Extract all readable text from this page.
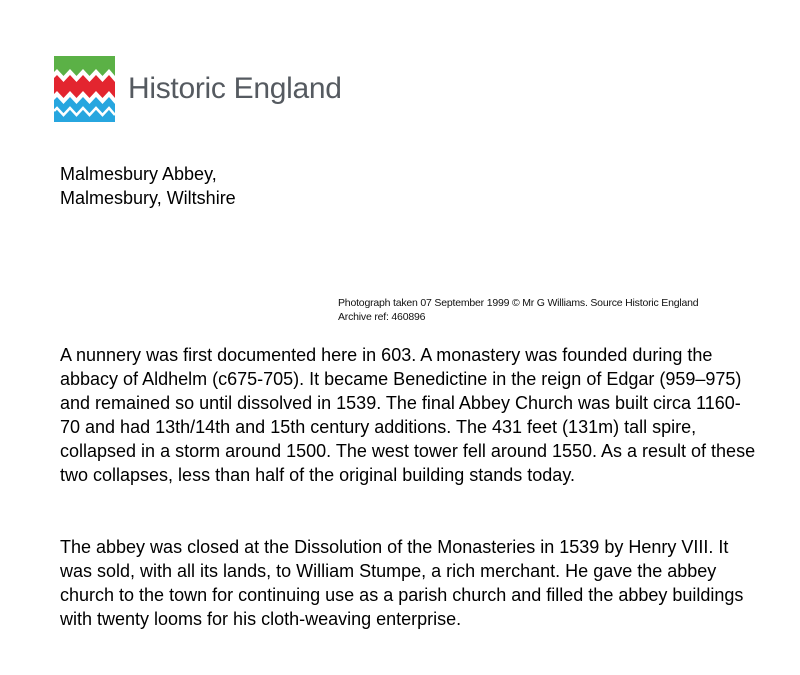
Historic England
Malmesbury Abbey,
Malmesbury, Wiltshire
Photograph taken 07 September 1999 © Mr G Williams. Source Historic England
Archive ref: 460896

A nunnery was first documented here in 603. A monastery was founded during the abbacy of Aldhelm (c675-705). It became Benedictine in the reign of Edgar (959–975) and remained so until dissolved in 1539. The final Abbey Church was built circa 1160-70 and had 13th/14th and 15th century additions. The 431 feet (131m) tall spire, collapsed in a storm around 1500. The west tower fell around 1550. As a result of these two collapses, less than half of the original building stands today.

The abbey was closed at the Dissolution of the Monasteries in 1539 by Henry VIII. It was sold, with all its lands, to William Stumpe, a rich merchant. He gave the abbey church to the town for continuing use as a parish church and filled the abbey buildings with twenty looms for his cloth-weaving enterprise.
